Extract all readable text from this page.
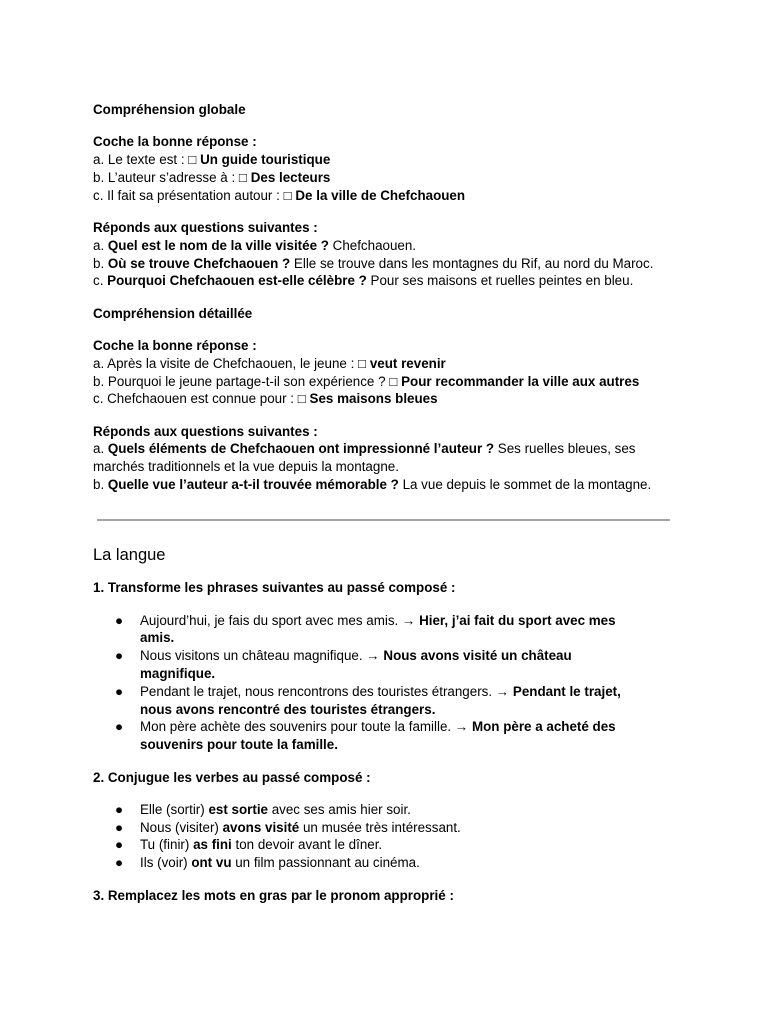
Compréhension globale

Coche la bonne réponse :

a. Le texte est : □ Un guide touristique

b. L’auteur s’adresse à : □ Des lecteurs

c. Il fait sa présentation autour : □ De la ville de Chefchaouen

Réponds aux questions suivantes :

a. Quel est le nom de la ville visitée ? Chefchaouen.

b. Où se trouve Chefchaouen ? Elle se trouve dans les montagnes du Rif, au nord du Maroc.

c. Pourquoi Chefchaouen est-elle célèbre ? Pour ses maisons et ruelles peintes en bleu.

Compréhension détaillée

Coche la bonne réponse :

a. Après la visite de Chefchaouen, le jeune : □ veut revenir

b. Pourquoi le jeune partage-t-il son expérience ? □ Pour recommander la ville aux autres

c. Chefchaouen est connue pour : □ Ses maisons bleues

Réponds aux questions suivantes :

a. Quels éléments de Chefchaouen ont impressionné l’auteur ? Ses ruelles bleues, ses marchés traditionnels et la vue depuis la montagne.

b. Quelle vue l’auteur a-t-il trouvée mémorable ? La vue depuis le sommet de la montagne.

La langue

1. Transforme les phrases suivantes au passé composé :

● Aujourd’hui, je fais du sport avec mes amis. → Hier, j’ai fait du sport avec mes amis.
● Nous visitons un château magnifique. → Nous avons visité un château magnifique.
● Pendant le trajet, nous rencontrons des touristes étrangers. → Pendant le trajet, nous avons rencontré des touristes étrangers.
● Mon père achète des souvenirs pour toute la famille. → Mon père a acheté des souvenirs pour toute la famille.

2. Conjugue les verbes au passé composé :

● Elle (sortir) est sortie avec ses amis hier soir.
● Nous (visiter) avons visité un musée très intéressant.
● Tu (finir) as fini ton devoir avant le dîner.
● Ils (voir) ont vu un film passionnant au cinéma.

3. Remplacez les mots en gras par le pronom approprié :
